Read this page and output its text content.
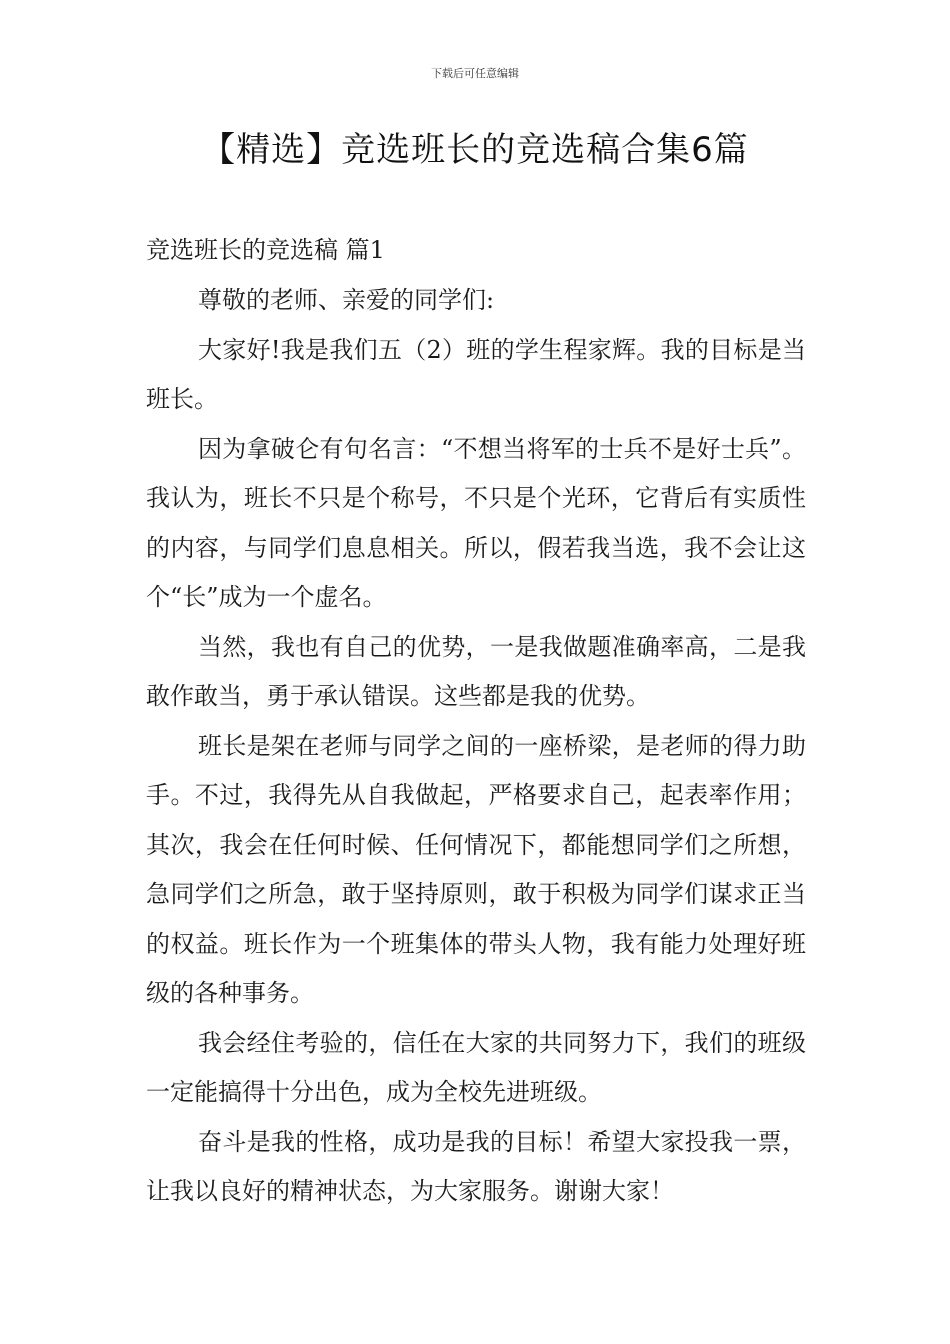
下载后可任意编辑
【精选】竞选班长的竞选稿合集6篇
竞选班长的竞选稿 篇1

尊敬的老师、亲爱的同学们:

大家好!我是我们五（2）班的学生程家辉。我的目标是当班长。

因为拿破仑有句名言：“不想当将军的士兵不是好士兵”。我认为，班长不只是个称号，不只是个光环，它背后有实质性的内容，与同学们息息相关。所以，假若我当选，我不会让这个“长”成为一个虚名。

当然，我也有自己的优势，一是我做题准确率高，二是我敢作敢当，勇于承认错误。这些都是我的优势。

班长是架在老师与同学之间的一座桥梁，是老师的得力助手。不过，我得先从自我做起，严格要求自己，起表率作用；其次，我会在任何时候、任何情况下，都能想同学们之所想，急同学们之所急，敢于坚持原则，敢于积极为同学们谋求正当的权益。班长作为一个班集体的带头人物，我有能力处理好班级的各种事务。

我会经住考验的，信任在大家的共同努力下，我们的班级一定能搞得十分出色，成为全校先进班级。

奋斗是我的性格，成功是我的目标！希望大家投我一票，让我以良好的精神状态，为大家服务。谢谢大家！
